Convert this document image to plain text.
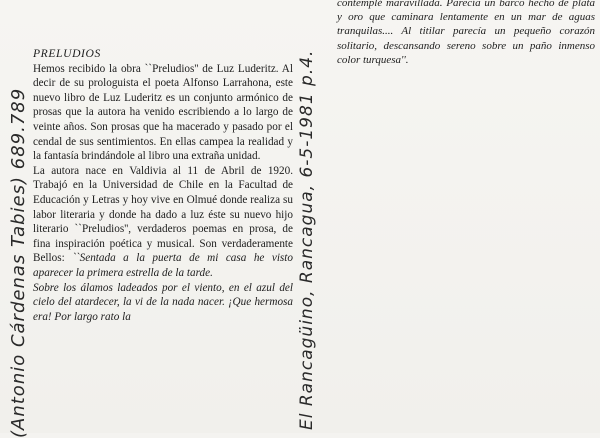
PRELUDIOS

Hemos recibido la obra ``Preludios'' de Luz Luderitz. Al decir de su prologuista el poeta Alfonso Larrahona, este nuevo libro de Luz Luderitz es un conjunto armónico de prosas que la autora ha venido escribiendo a lo largo de veinte años. Son prosas que ha macerado y pasado por el cendal de sus sentimientos. En ellas campea la realidad y la fantasía brindándole al libro una extraña unidad.

La autora nace en Valdivia al 11 de Abril de 1920. Trabajó en la Universidad de Chile en la Facultad de Educación y Letras y hoy vive en Olmué donde realiza su labor literaria y donde ha dado a luz éste su nuevo hijo literario ``Preludios'', verdaderos poemas en prosa, de fina inspiración poética y musical. Son verdaderamente Bellos: ``Sentada a la puerta de mi casa he visto aparecer la primera estrella de la tarde.

Sobre los álamos ladeados por el viento, en el azul del cielo del atardecer, la vi de la nada nacer. ¡Que hermosa era! Por largo rato la

contemplé maravillada. Parecía un barco hecho de plata y oro que caminara lentamente en un mar de aguas tranquilas.... Al titilar parecía un pequeño corazón solitario, descansando sereno sobre un paño inmenso color turquesa''.

(Antonio Cárdenas Tabies) 689.789	El Rancagüino, Rancagua, 6-5-1981 p.4.
